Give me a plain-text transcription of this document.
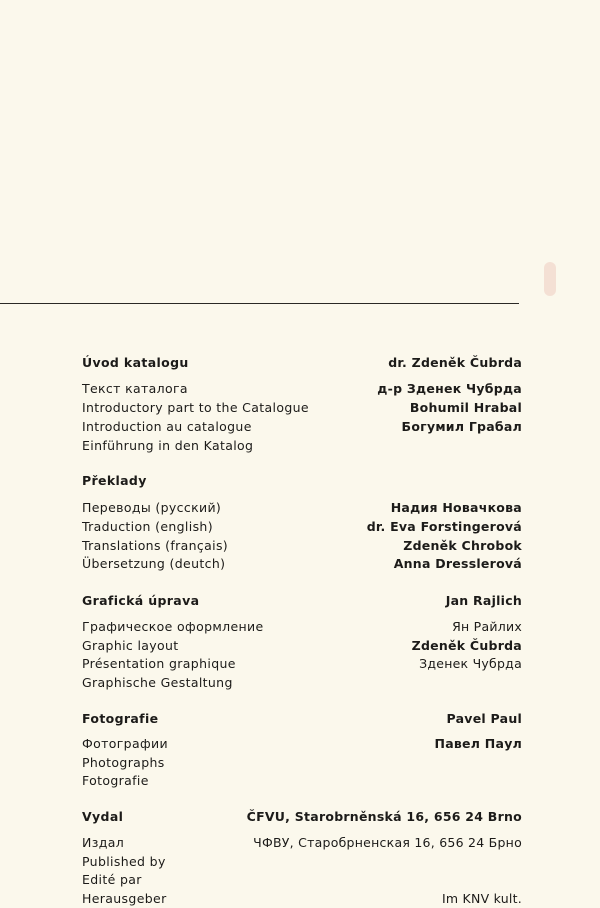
Úvod katalogu	dr. Zdeněk Čubrda
Текст каталога	д-р Зденек Чубрда
Introductory part to the Catalogue	Bohumil Hrabal
Introduction au catalogue	Богумил Грабал
Einführung in den Katalog
Překlady
Переводы (русский)	Надия Новачкова
Traduction (english)	dr. Eva Forstingerová
Translations (français)	Zdeněk Chrobok
Übersetzung (deutch)	Anna Dresslerová
Grafická úprava	Jan Rajlich
Графическое оформление	Ян Райлих
Graphic layout	Zdeněk Čubrda
Présentation graphique	Зденек Чубрда
Graphische Gestaltung
Fotografie	Pavel Paul
Фотографии	Павел Паул
Photographs
Fotografie
Vydal	ČFVU, Starobrněnská 16, 656 24 Brno
Издал	ЧФВУ, Старобрненская 16, 656 24 Брно
Published by
Edité par
Herausgeber	Im KNV kult.
